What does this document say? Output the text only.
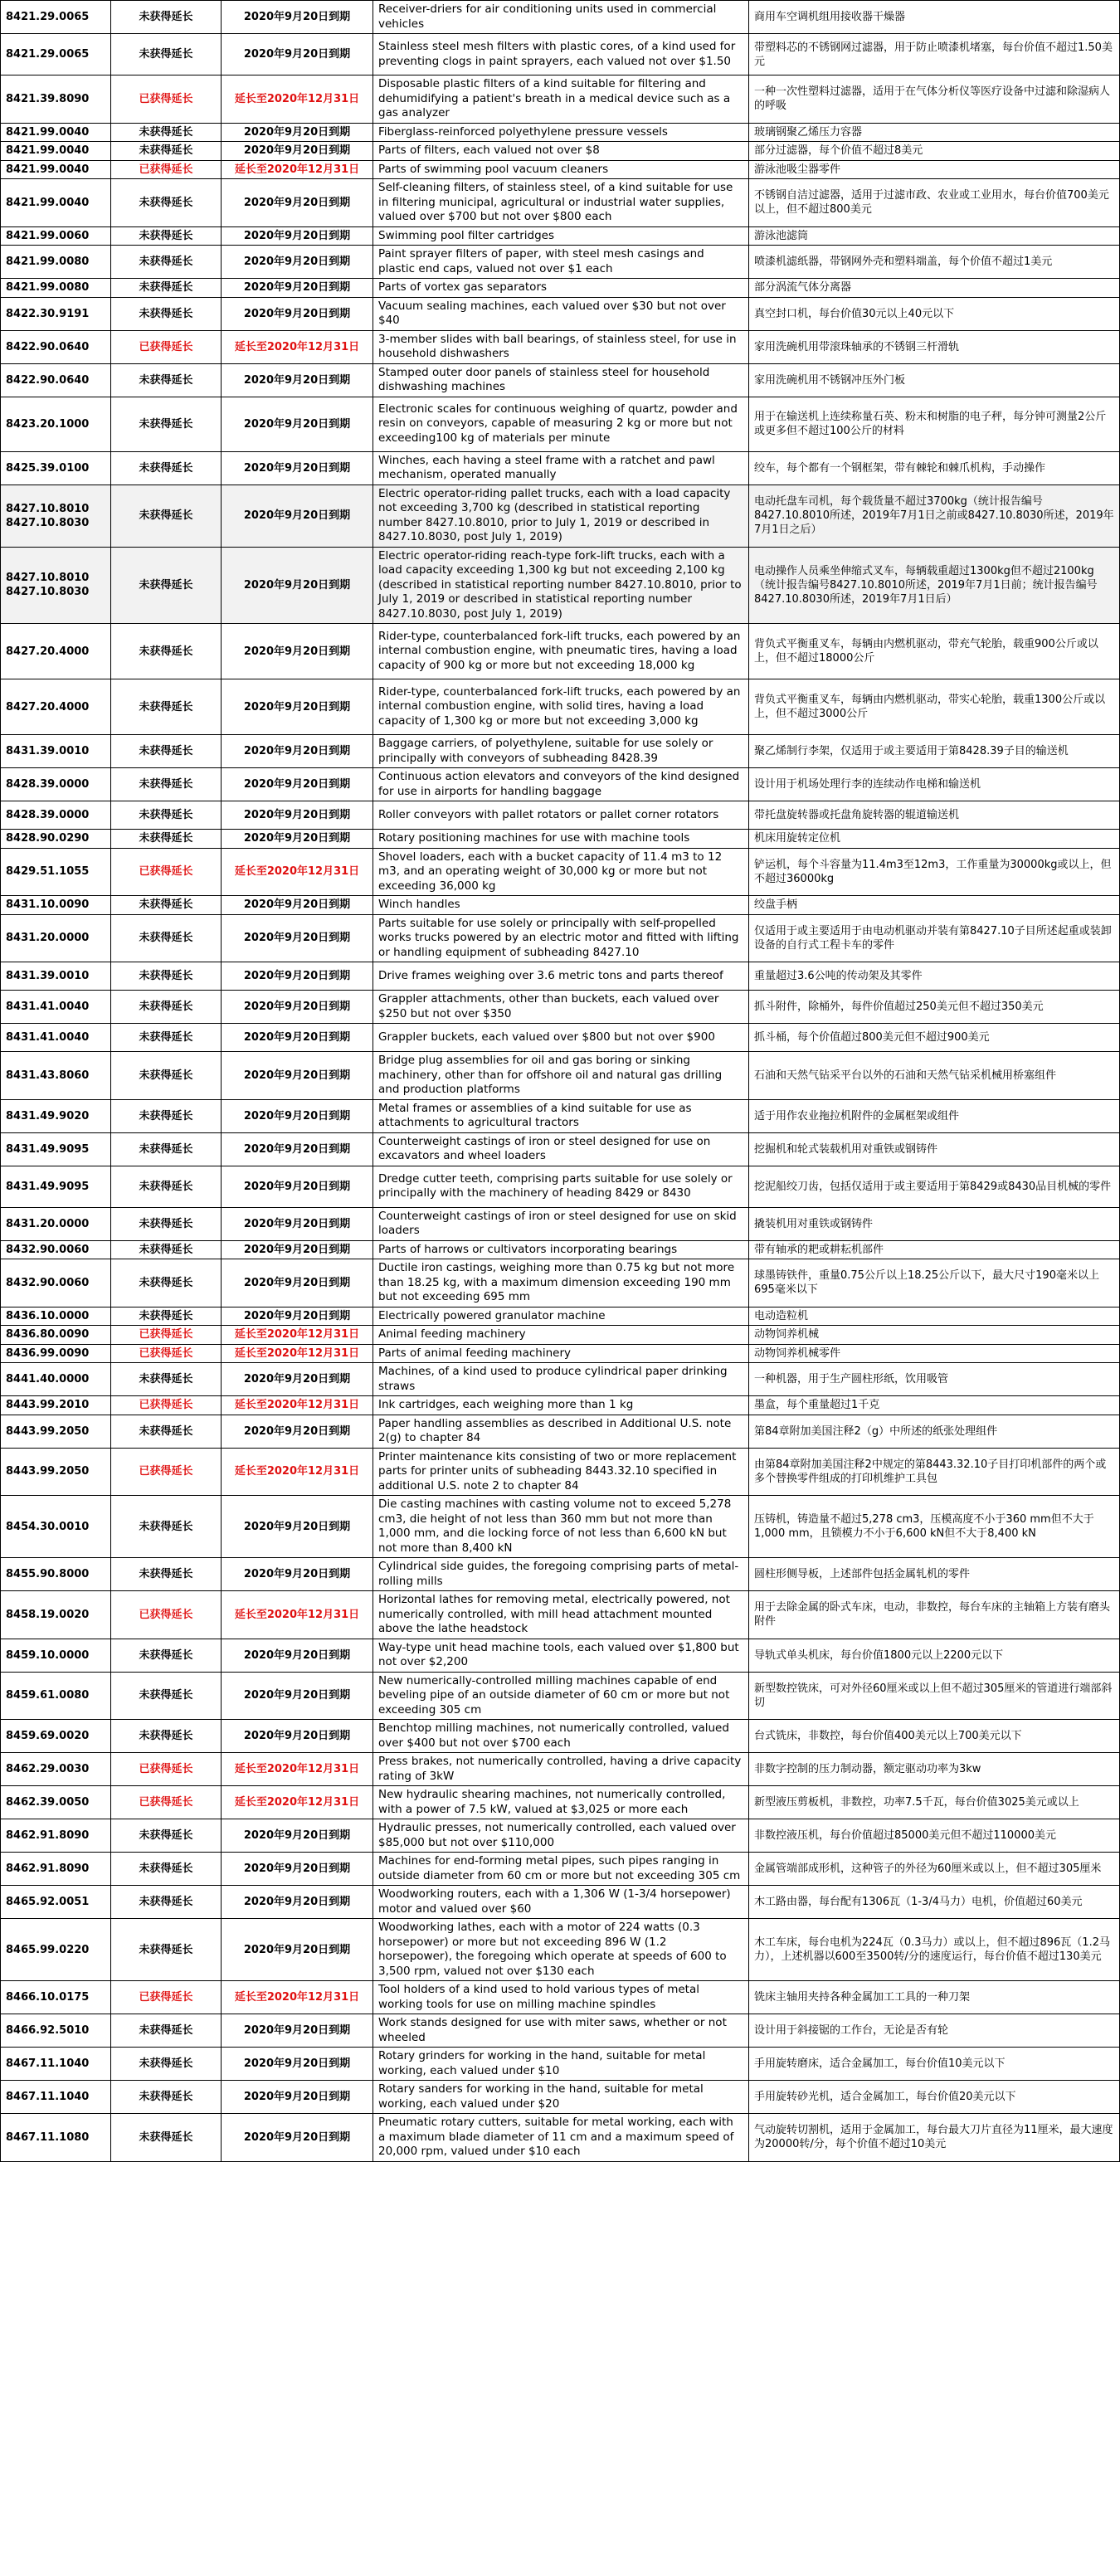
8421.29.0065	未获得延长	2020年9月20日到期	Receiver-driers for air conditioning units used in commercial vehicles	商用车空调机组用接收器干燥器
8421.29.0065	未获得延长	2020年9月20日到期	Stainless steel mesh filters with plastic cores, of a kind used for preventing clogs in paint sprayers, each valued not over $1.50	带塑料芯的不锈钢网过滤器，用于防止喷漆机堵塞，每台价值不超过1.50美元
8421.39.8090	已获得延长	延长至2020年12月31日	Disposable plastic filters of a kind suitable for filtering and dehumidifying a patient's breath in a medical device such as a gas analyzer	一种一次性塑料过滤器，适用于在气体分析仪等医疗设备中过滤和除湿病人的呼吸
8421.99.0040	未获得延长	2020年9月20日到期	Fiberglass-reinforced polyethylene pressure vessels	玻璃钢聚乙烯压力容器
8421.99.0040	未获得延长	2020年9月20日到期	Parts of filters, each valued not over $8	部分过滤器，每个价值不超过8美元
8421.99.0040	已获得延长	延长至2020年12月31日	Parts of swimming pool vacuum cleaners	游泳池吸尘器零件
8421.99.0040	未获得延长	2020年9月20日到期	Self-cleaning filters, of stainless steel, of a kind suitable for use in filtering municipal, agricultural or industrial water supplies, valued over $700 but not over $800 each	不锈钢自洁过滤器，适用于过滤市政、农业或工业用水，每台价值700美元以上，但不超过800美元
8421.99.0060	未获得延长	2020年9月20日到期	Swimming pool filter cartridges	游泳池滤筒
8421.99.0080	未获得延长	2020年9月20日到期	Paint sprayer filters of paper, with steel mesh casings and plastic end caps, valued not over $1 each	喷漆机滤纸器，带钢网外壳和塑料端盖，每个价值不超过1美元
8421.99.0080	未获得延长	2020年9月20日到期	Parts of vortex gas separators	部分涡流气体分离器
8422.30.9191	未获得延长	2020年9月20日到期	Vacuum sealing machines, each valued over $30 but not over $40	真空封口机，每台价值30元以上40元以下
8422.90.0640	已获得延长	延长至2020年12月31日	3-member slides with ball bearings, of stainless steel, for use in household dishwashers	家用洗碗机用带滚珠轴承的不锈钢三杆滑轨
8422.90.0640	未获得延长	2020年9月20日到期	Stamped outer door panels of stainless steel for household dishwashing machines	家用洗碗机用不锈钢冲压外门板
8423.20.1000	未获得延长	2020年9月20日到期	Electronic scales for continuous weighing of quartz, powder and resin on conveyors, capable of measuring 2 kg or more but not exceeding100 kg of materials per minute	用于在输送机上连续称量石英、粉末和树脂的电子秤，每分钟可测量2公斤或更多但不超过100公斤的材料
8425.39.0100	未获得延长	2020年9月20日到期	Winches, each having a steel frame with a ratchet and pawl mechanism, operated manually	绞车，每个都有一个钢框架，带有棘轮和棘爪机构，手动操作
8427.10.8010
8427.10.8030	未获得延长	2020年9月20日到期	Electric operator-riding pallet trucks, each with a load capacity not exceeding 3,700 kg (described in statistical reporting number 8427.10.8010, prior to July 1, 2019 or described in 8427.10.8030, post July 1, 2019)	电动托盘车司机，每个载货量不超过3700kg（统计报告编号8427.10.8010所述，2019年7月1日之前或8427.10.8030所述，2019年7月1日之后）
8427.10.8010
8427.10.8030	未获得延长	2020年9月20日到期	Electric operator-riding reach-type fork-lift trucks, each with a load capacity exceeding 1,300 kg but not exceeding 2,100 kg (described in statistical reporting number 8427.10.8010, prior to July 1, 2019 or described in statistical reporting number 8427.10.8030, post July 1, 2019)	电动操作人员乘坐伸缩式叉车，每辆载重超过1300kg但不超过2100kg（统计报告编号8427.10.8010所述，2019年7月1日前；统计报告编号8427.10.8030所述，2019年7月1日后）
8427.20.4000	未获得延长	2020年9月20日到期	Rider-type, counterbalanced fork-lift trucks, each powered by an internal combustion engine, with pneumatic tires, having a load capacity of 900 kg or more but not exceeding 18,000 kg	背负式平衡重叉车，每辆由内燃机驱动，带充气轮胎，载重900公斤或以上，但不超过18000公斤
8427.20.4000	未获得延长	2020年9月20日到期	Rider-type, counterbalanced fork-lift trucks, each powered by an internal combustion engine, with solid tires, having a load capacity of 1,300 kg or more but not exceeding 3,000 kg	背负式平衡重叉车，每辆由内燃机驱动，带实心轮胎，载重1300公斤或以上，但不超过3000公斤
8431.39.0010	未获得延长	2020年9月20日到期	Baggage carriers, of polyethylene, suitable for use solely or principally with conveyors of subheading 8428.39	聚乙烯制行李架，仅适用于或主要适用于第8428.39子目的输送机
8428.39.0000	未获得延长	2020年9月20日到期	Continuous action elevators and conveyors of the kind designed for use in airports for handling baggage	设计用于机场处理行李的连续动作电梯和输送机
8428.39.0000	未获得延长	2020年9月20日到期	Roller conveyors with pallet rotators or pallet corner rotators	带托盘旋转器或托盘角旋转器的辊道输送机
8428.90.0290	未获得延长	2020年9月20日到期	Rotary positioning machines for use with machine tools	机床用旋转定位机
8429.51.1055	已获得延长	延长至2020年12月31日	Shovel loaders, each with a bucket capacity of 11.4 m3 to 12 m3, and an operating weight of 30,000 kg or more but not exceeding 36,000 kg	铲运机，每个斗容量为11.4m3至12m3，工作重量为30000kg或以上，但不超过36000kg
8431.10.0090	未获得延长	2020年9月20日到期	Winch handles	绞盘手柄
8431.20.0000	未获得延长	2020年9月20日到期	Parts suitable for use solely or principally with self-propelled works trucks powered by an electric motor and fitted with lifting or handling equipment of subheading 8427.10	仅适用于或主要适用于由电动机驱动并装有第8427.10子目所述起重或装卸设备的自行式工程卡车的零件
8431.39.0010	未获得延长	2020年9月20日到期	Drive frames weighing over 3.6 metric tons and parts thereof	重量超过3.6公吨的传动架及其零件
8431.41.0040	未获得延长	2020年9月20日到期	Grappler attachments, other than buckets, each valued over $250 but not over $350	抓斗附件，除桶外，每件价值超过250美元但不超过350美元
8431.41.0040	未获得延长	2020年9月20日到期	Grappler buckets, each valued over $800 but not over $900	抓斗桶，每个价值超过800美元但不超过900美元
8431.43.8060	未获得延长	2020年9月20日到期	Bridge plug assemblies for oil and gas boring or sinking machinery, other than for offshore oil and natural gas drilling and production platforms	石油和天然气钻采平台以外的石油和天然气钻采机械用桥塞组件
8431.49.9020	未获得延长	2020年9月20日到期	Metal frames or assemblies of a kind suitable for use as attachments to agricultural tractors	适于用作农业拖拉机附件的金属框架或组件
8431.49.9095	未获得延长	2020年9月20日到期	Counterweight castings of iron or steel designed for use on excavators and wheel loaders	挖掘机和轮式装载机用对重铁或钢铸件
8431.49.9095	未获得延长	2020年9月20日到期	Dredge cutter teeth, comprising parts suitable for use solely or principally with the machinery of heading 8429 or 8430	挖泥船绞刀齿，包括仅适用于或主要适用于第8429或8430品目机械的零件
8431.20.0000	未获得延长	2020年9月20日到期	Counterweight castings of iron or steel designed for use on skid loaders	撬装机用对重铁或钢铸件
8432.90.0060	未获得延长	2020年9月20日到期	Parts of harrows or cultivators incorporating bearings	带有轴承的耙或耕耘机部件
8432.90.0060	未获得延长	2020年9月20日到期	Ductile iron castings, weighing more than 0.75 kg but not more than 18.25 kg, with a maximum dimension exceeding 190 mm but not exceeding 695 mm	球墨铸铁件，重量0.75公斤以上18.25公斤以下，最大尺寸190毫米以上695毫米以下
8436.10.0000	未获得延长	2020年9月20日到期	Electrically powered granulator machine	电动造粒机
8436.80.0090	已获得延长	延长至2020年12月31日	Animal feeding machinery	动物饲养机械
8436.99.0090	已获得延长	延长至2020年12月31日	Parts of animal feeding machinery	动物饲养机械零件
8441.40.0000	未获得延长	2020年9月20日到期	Machines, of a kind used to produce cylindrical paper drinking straws	一种机器，用于生产圆柱形纸，饮用吸管
8443.99.2010	已获得延长	延长至2020年12月31日	Ink cartridges, each weighing more than 1 kg	墨盒，每个重量超过1千克
8443.99.2050	未获得延长	2020年9月20日到期	Paper handling assemblies as described in Additional U.S. note 2(g) to chapter 84	第84章附加美国注释2（g）中所述的纸张处理组件
8443.99.2050	已获得延长	延长至2020年12月31日	Printer maintenance kits consisting of two or more replacement parts for printer units of subheading 8443.32.10 specified in additional U.S. note 2 to chapter 84	由第84章附加美国注释2中规定的第8443.32.10子目打印机部件的两个或多个替换零件组成的打印机维护工具包
8454.30.0010	未获得延长	2020年9月20日到期	Die casting machines with casting volume not to exceed 5,278 cm3, die height of not less than 360 mm but not more than 1,000 mm, and die locking force of not less than 6,600 kN but not more than 8,400 kN	压铸机，铸造量不超过5,278 cm3，压模高度不小于360 mm但不大于1,000 mm，且锁模力不小于6,600 kN但不大于8,400 kN
8455.90.8000	未获得延长	2020年9月20日到期	Cylindrical side guides, the foregoing comprising parts of metal-rolling mills	圆柱形侧导板，上述部件包括金属轧机的零件
8458.19.0020	已获得延长	延长至2020年12月31日	Horizontal lathes for removing metal, electrically powered, not numerically controlled, with mill head attachment mounted above the lathe headstock	用于去除金属的卧式车床，电动，非数控，每台车床的主轴箱上方装有磨头附件
8459.10.0000	未获得延长	2020年9月20日到期	Way-type unit head machine tools, each valued over $1,800 but not over $2,200	导轨式单头机床，每台价值1800元以上2200元以下
8459.61.0080	未获得延长	2020年9月20日到期	New numerically-controlled milling machines capable of end beveling pipe of an outside diameter of 60 cm or more but not exceeding 305 cm	新型数控铣床，可对外径60厘米或以上但不超过305厘米的管道进行端部斜切
8459.69.0020	未获得延长	2020年9月20日到期	Benchtop milling machines, not numerically controlled, valued over $400 but not over $700 each	台式铣床，非数控，每台价值400美元以上700美元以下
8462.29.0030	已获得延长	延长至2020年12月31日	Press brakes, not numerically controlled, having a drive capacity rating of 3kW	非数字控制的压力制动器，额定驱动功率为3kw
8462.39.0050	已获得延长	延长至2020年12月31日	New hydraulic shearing machines, not numerically controlled, with a power of 7.5 kW, valued at $3,025 or more each	新型液压剪板机，非数控，功率7.5千瓦，每台价值3025美元或以上
8462.91.8090	未获得延长	2020年9月20日到期	Hydraulic presses, not numerically controlled, each valued over $85,000 but not over $110,000	非数控液压机，每台价值超过85000美元但不超过110000美元
8462.91.8090	未获得延长	2020年9月20日到期	Machines for end-forming metal pipes, such pipes ranging in outside diameter from 60 cm or more but not exceeding 305 cm	金属管端部成形机，这种管子的外径为60厘米或以上，但不超过305厘米
8465.92.0051	未获得延长	2020年9月20日到期	Woodworking routers, each with a 1,306 W (1-3/4 horsepower) motor and valued over $60	木工路由器，每台配有1306瓦（1-3/4马力）电机，价值超过60美元
8465.99.0220	未获得延长	2020年9月20日到期	Woodworking lathes, each with a motor of 224 watts (0.3 horsepower) or more but not exceeding 896 W (1.2 horsepower), the foregoing which operate at speeds of 600 to 3,500 rpm, valued not over $130 each	木工车床，每台电机为224瓦（0.3马力）或以上，但不超过896瓦（1.2马力），上述机器以600至3500转/分的速度运行，每台价值不超过130美元
8466.10.0175	已获得延长	延长至2020年12月31日	Tool holders of a kind used to hold various types of metal working tools for use on milling machine spindles	铣床主轴用夹持各种金属加工工具的一种刀架
8466.92.5010	未获得延长	2020年9月20日到期	Work stands designed for use with miter saws, whether or not wheeled	设计用于斜接锯的工作台，无论是否有轮
8467.11.1040	未获得延长	2020年9月20日到期	Rotary grinders for working in the hand, suitable for metal working, each valued under $10	手用旋转磨床，适合金属加工，每台价值10美元以下
8467.11.1040	未获得延长	2020年9月20日到期	Rotary sanders for working in the hand, suitable for metal working, each valued under $20	手用旋转砂光机，适合金属加工，每台价值20美元以下
8467.11.1080	未获得延长	2020年9月20日到期	Pneumatic rotary cutters, suitable for metal working, each with a maximum blade diameter of 11 cm and a maximum speed of 20,000 rpm, valued under $10 each	气动旋转切割机，适用于金属加工，每台最大刀片直径为11厘米，最大速度为20000转/分，每个价值不超过10美元
